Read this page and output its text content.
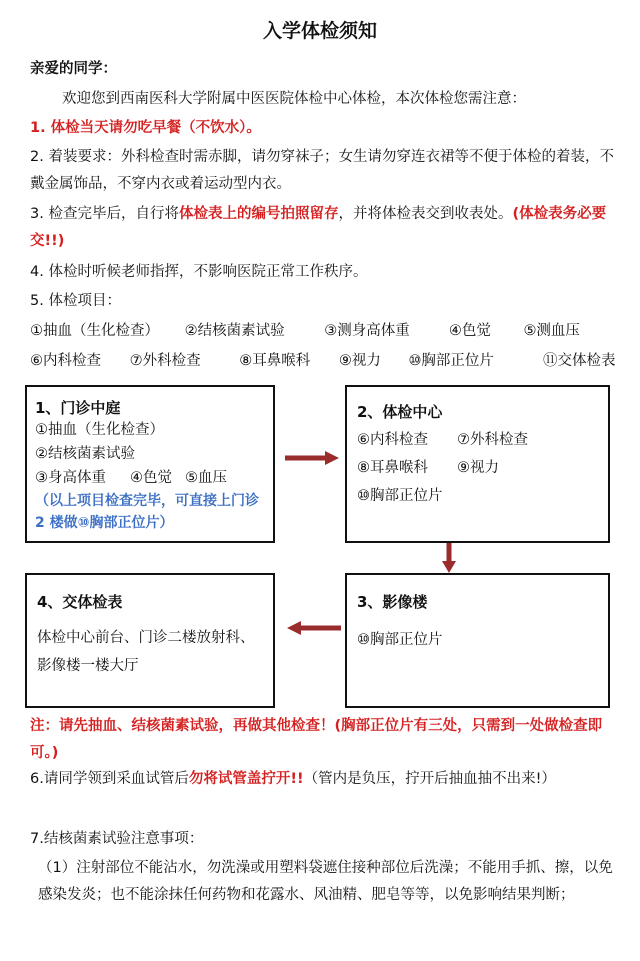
入学体检须知
亲爱的同学：
欢迎您到西南医科大学附属中医医院体检中心体检，本次体检您需注意：
1. 体检当天请勿吃早餐（不饮水）。
2. 着装要求：外科检查时需赤脚，请勿穿袜子；女生请勿穿连衣裙等不便于体检的着装，不戴金属饰品，不穿内衣或着运动型内衣。
3. 检查完毕后，自行将体检表上的编号拍照留存，并将体检表交到收表处。(体检表务必要交!!)
4. 体检时听候老师指挥，不影响医院正常工作秩序。
5. 体检项目：
①抽血（生化检查） ②结核菌素试验	③测身高体重	④色觉 ⑤测血压
⑥内科检查 ⑦外科检查	⑧耳鼻喉科 ⑨视力 ⑩胸部正位片	⑪交体检表
1、门诊中庭
①抽血（生化检查）
②结核菌素试验
③身高体重 ④色觉 ⑤血压
（以上项目检查完毕，可直接上门诊 2 楼做⑩胸部正位片）
2、体检中心
⑥内科检查 ⑦外科检查
⑧耳鼻喉科 ⑨视力
⑩胸部正位片
4、交体检表
体检中心前台、门诊二楼放射科、
影像楼一楼大厅
3、影像楼
⑩胸部正位片
注：请先抽血、结核菌素试验，再做其他检查！(胸部正位片有三处，只需到一处做检查即可。)
6.请同学领到采血试管后勿将试管盖拧开!!（管内是负压，拧开后抽血抽不出来!）
7.结核菌素试验注意事项：
（1）注射部位不能沾水，勿洗澡或用塑料袋遮住接种部位后洗澡；不能用手抓、擦，以免感染发炎；也不能涂抹任何药物和花露水、风油精、肥皂等等，以免影响结果判断；
